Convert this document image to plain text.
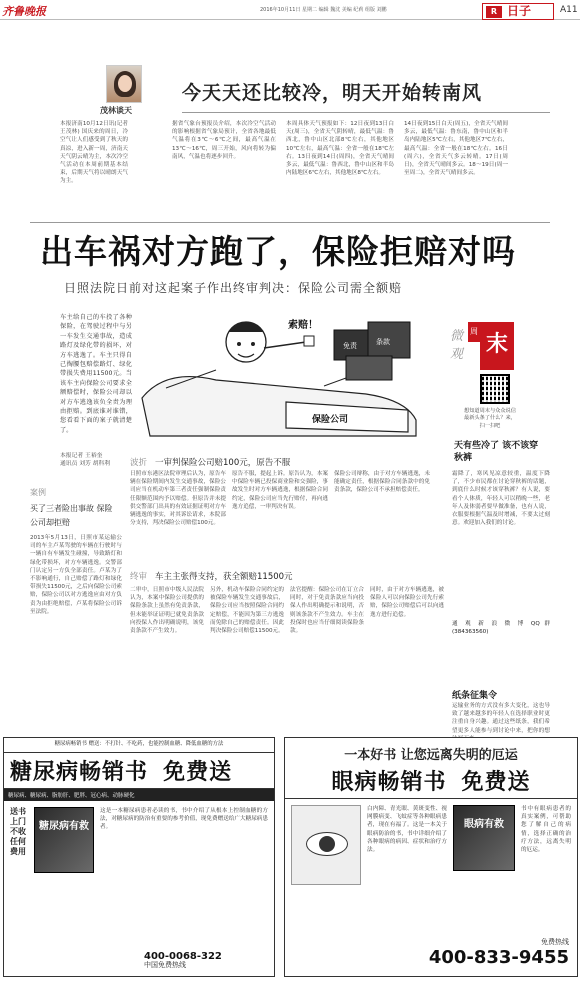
齐鲁晚报	2016年10月11日 星期二 编辑 魏沈 美编 纪莉 组版 刘鹏	R 日子	A11
茂林谈天
今天天还比较冷，明天开始转南风
本报济南10月12日讯(记者 王茂林) 国庆来的周日，冷空气让人们感受到了秋天的真凉，进入新一周，济南天天气阴云晴为主，本次冷空气活动在本周前期基本结束，后期天气将以晴朗天气为主。
据省气象台预报员介绍，本次冷空气活动的影响根据省气象局预计，全省各地最低气温将在3℃～6℃之间，最高气温在13℃～16℃，周三开始，风向将转为偏南风，气温也将逐步回升。
本周具体天气预报如下：12日夜到13日白天(周三)，全省天气阴转晴，最低气温：鲁西北，鲁中山区北部8℃左右，其他地区10℃左右，最高气温：全省一般在18℃左右。13日夜到14日(周四)，全省天气晴间多云，最低气温：鲁西北，鲁中山区和半岛内陆地区6℃左右，其他地区8℃左右。
14日夜到15日白天(周五)，全省天气晴间多云，最低气温：鲁东南，鲁中山区和半岛内陆地区5℃左右，其他地区7℃左右，最高气温：全省一般在18℃左右。16日(周六)，全省天气多云转晴。17日(周日)，全省天气晴间多云。18～19日(周一至周二)，全省天气晴间多云。
出车祸对方跑了，保险拒赔对吗
日照法院日前对这起案子作出终审判决：保险公司需全额赔
车主给自己的车投了各种保险，在驾驶过程中与另一车发生交通事故，造成路灯及绿化带的损坏，对方车逃逸了。车主只得自己掏腰包赔偿路灯、绿化带损失费用11500元。当该车主向保险公司要求全额赔偿时，保险公司却以对方车逃逸该负全责为理由拒赔。到底谁对谁错，您看看下面的案子就清楚了。
免责	条款
保险公司
索赔！
微观
周
末
想知道周末与众众说信最新头条了什么？来，扫一扫吧
天有些冷了 该不该穿秋裤
霜降了，寒风见凉意较重，温度下降了，不少市民都在讨论穿秋裤的话题，到底什么时候才该穿秋裤？有人说，要看个人体质，年轻人可以稍晚一些，老年人及体弱者要早做准备，也有人说，衣服要根据气温及时增减，不要太过刻意。欢迎加入我们的讨论。
通 观 新 浪 微 博 QQ 群 (384363560)
纸条征集令
运输业务的方式没有多大变化，这也导致了越来越多的年轻人在选择职业时更注重自身兴趣。通过这些纸条，我们希望更多人能参与到讨论中来，把你的想
本报记者 王裕奎
通讯员 刘芳 胡科利
案例
买了三者险出事故 保险公司却拒赔
2013年5月13日，日照市某运输公司的车主卢某驾驶的车辆在行驶时与一辆自有车辆发生碰撞，导致路灯和绿化带损坏，对方车辆逃逸。交警部门认定另一方负全部责任。卢某为了不影响通行，自己赔偿了路灯和绿化带损失11500元，之后向保险公司索赔，保险公司以对方逃逸应由对方负责为由拒绝赔偿，卢某将保险公司诉至法院。
波折 一审判保险公司赔100元，原告不服
日照市东港区法院审理后认为，原告车辆在保险期间内发生交通事故，保险公司应当在机动车第三者责任强制保险责任限额范围内予以赔偿。但原告并未提供交警部门出具的有效证据证明对方车辆逃逸的事实，对其诉讼请求，本院部分支持，判决保险公司赔偿100元。
原告不服，提起上诉。原告认为，本案中保险车辆已投保商业险和交强险，事故发生时对方车辆逃逸，根据保险合同约定，保险公司应当先行赔付，再向逃逸方追偿，一审判决有误。
保险公司辩称，由于对方车辆逃逸，未能确定责任，根据保险合同条款中的免责条款，保险公司不承担赔偿责任。
终审 车主主张得支持，获全额赔11500元
二审中，日照市中级人民法院认为，本案中保险公司提供的保险条款上虽然有免责条款，但未能举证证明已就免责条款向投保人作出明确说明，该免责条款不产生效力。
另外，机动车保险合同约定的被保险车辆发生交通事故后，保险公司应当按照保险合同约定赔偿，不能因为第三方逃逸而免除自己的赔偿责任。因此判决保险公司赔偿11500元。
法官提醒：保险公司在订立合同时，对于免责条款应当向投保人作出明确提示和说明，否则该条款不产生效力。车主在投保时也应当仔细阅读保险条款。
同时，由于对方车辆逃逸，被保险人可以向保险公司先行索赔，保险公司赔偿后可以向逃逸方进行追偿。
糖尿病畅销书 赠送：不打针、不吃药，也能控制血糖、降低血糖的方法
糖尿病畅销书 免费送
糖尿病、糖尿病、脂肪肝、肥胖、冠心病、动脉硬化
送书上门不收任何费用
糖尿病有救
这是一本糖尿病患者必读的书，书中介绍了从根本上控制血糖的方法，对糖尿病的防治有重要的参考价值，现免费赠送给广大糖尿病患者。
中国免费热线
400-0068-322
一本好书 让您远离失明的厄运
眼病畅销书 免费送
白内障、青光眼、黄斑变性、视网膜病变、飞蚊症等各种眼病患者，现在有福了。这是一本关于眼病防治的书，书中详细介绍了各种眼病的病因、症状和治疗方法。
眼病有救
书中有眼病患者的真实案例，可帮助您了解自己的病情，选择正确的治疗方法，远离失明的厄运。
免费热线
400-833-9455
